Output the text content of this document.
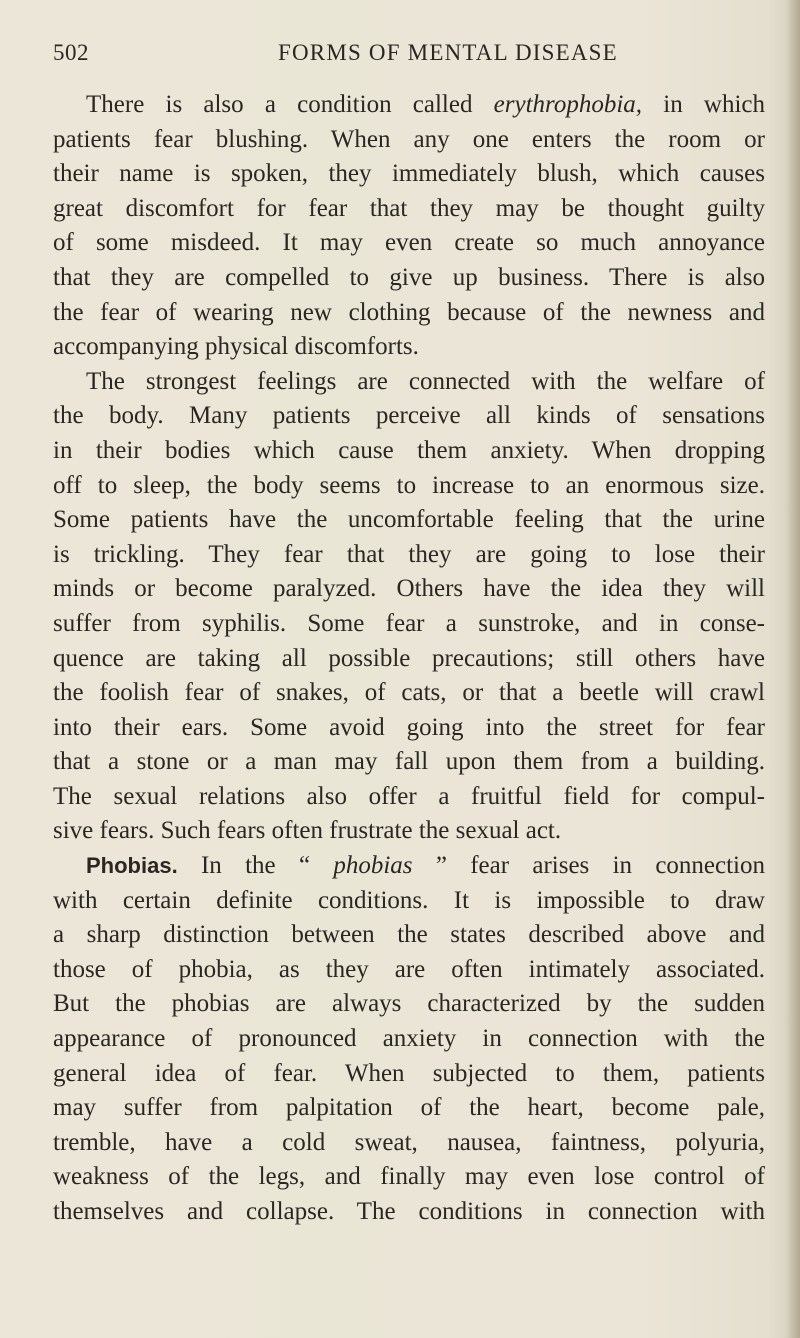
502	FORMS OF MENTAL DISEASE
There is also a condition called erythrophobia, in which
patients fear blushing. When any one enters the room or
their name is spoken, they immediately blush, which causes
great discomfort for fear that they may be thought guilty
of some misdeed. It may even create so much annoyance
that they are compelled to give up business. There is also
the fear of wearing new clothing because of the newness and
accompanying physical discomforts.
The strongest feelings are connected with the welfare of
the body. Many patients perceive all kinds of sensations
in their bodies which cause them anxiety. When dropping
off to sleep, the body seems to increase to an enormous size.
Some patients have the uncomfortable feeling that the urine
is trickling. They fear that they are going to lose their
minds or become paralyzed. Others have the idea they will
suffer from syphilis. Some fear a sunstroke, and in conse-
quence are taking all possible precautions; still others have
the foolish fear of snakes, of cats, or that a beetle will crawl
into their ears. Some avoid going into the street for fear
that a stone or a man may fall upon them from a building.
The sexual relations also offer a fruitful field for compul-
sive fears. Such fears often frustrate the sexual act.
Phobias. In the “ phobias ” fear arises in connection
with certain definite conditions. It is impossible to draw
a sharp distinction between the states described above and
those of phobia, as they are often intimately associated.
But the phobias are always characterized by the sudden
appearance of pronounced anxiety in connection with the
general idea of fear. When subjected to them, patients
may suffer from palpitation of the heart, become pale,
tremble, have a cold sweat, nausea, faintness, polyuria,
weakness of the legs, and finally may even lose control of
themselves and collapse. The conditions in connection with
